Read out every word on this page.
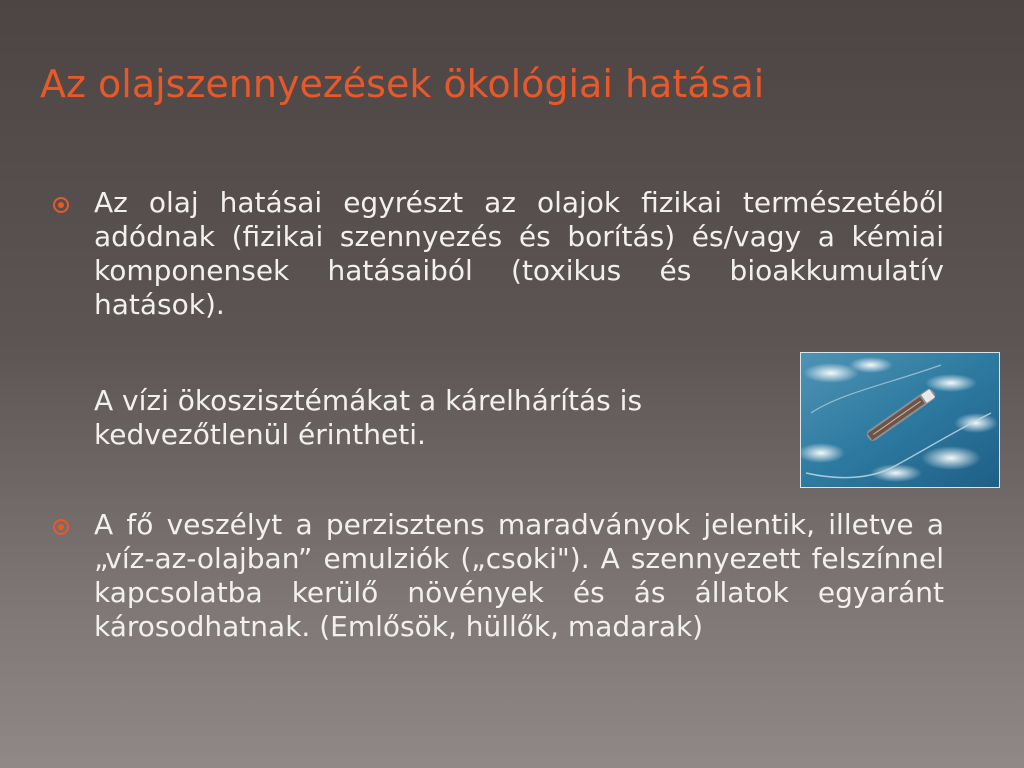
Az olajszennyezések ökológiai hatásai
Az olaj hatásai egyrészt az olajok fizikai természetéből adódnak (fizikai szennyezés és borítás) és/vagy a kémiai komponensek hatásaiból (toxikus és bioakkumulatív hatások).
A vízi ökoszisztémákat a kárelhárítás is kedvezőtlenül érintheti.
A fő veszélyt a perzisztens maradványok jelentik, illetve a „víz-az-olajban” emulziók („csoki"). A szennyezett felszínnel kapcsolatba kerülő növények és ás állatok egyaránt károsodhatnak. (Emlősök, hüllők, madarak)
